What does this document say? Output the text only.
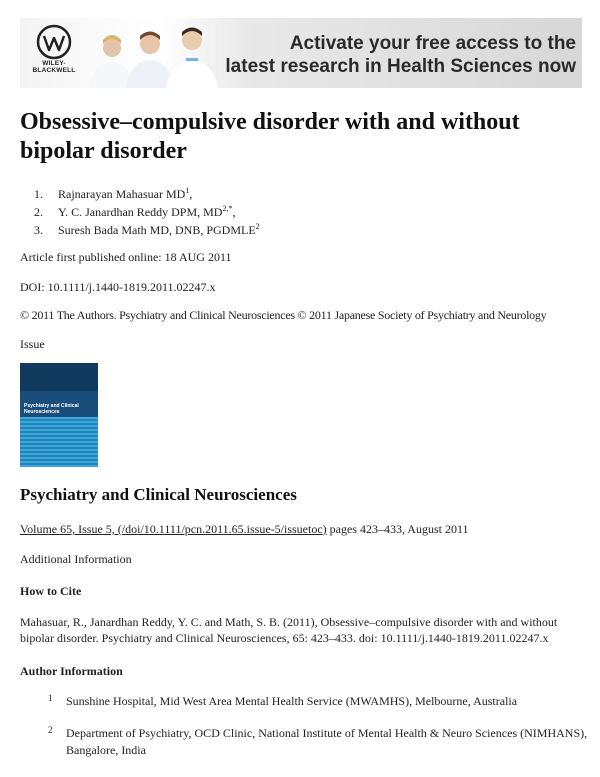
WILEY-
BLACKWELL
Activate your free access to the
latest research in Health Sciences now
Obsessive–compulsive disorder with and without bipolar disorder
1. Rajnarayan Mahasuar $MD^1$,
2. Y. C. Janardhan Reddy DPM, $MD^{2,*}$,
3. Suresh Bada Math MD, DNB, PGDMLE$^2$
Article first published online: 18 AUG 2011
DOI: 10.1111/j.1440-1819.2011.02247.x
© 2011 The Authors. Psychiatry and Clinical Neurosciences © 2011 Japanese Society of Psychiatry and Neurology
Issue
Psychiatry and Clinical
Neurosciences
Psychiatry and Clinical Neurosciences
Volume 65, Issue 5, (/doi/10.1111/pcn.2011.65.issue-5/issuetoc) pages 423–433, August 2011
Additional Information
How to Cite
Mahasuar, R., Janardhan Reddy, Y. C. and Math, S. B. (2011), Obsessive–compulsive disorder with and without bipolar disorder. Psychiatry and Clinical Neurosciences, 65: 423–433. doi: 10.1111/j.1440-1819.2011.02247.x
Author Information
1	Sunshine Hospital, Mid West Area Mental Health Service (MWAMHS), Melbourne, Australia
2	Department of Psychiatry, OCD Clinic, National Institute of Mental Health & Neuro Sciences (NIMHANS), Bangalore, India
